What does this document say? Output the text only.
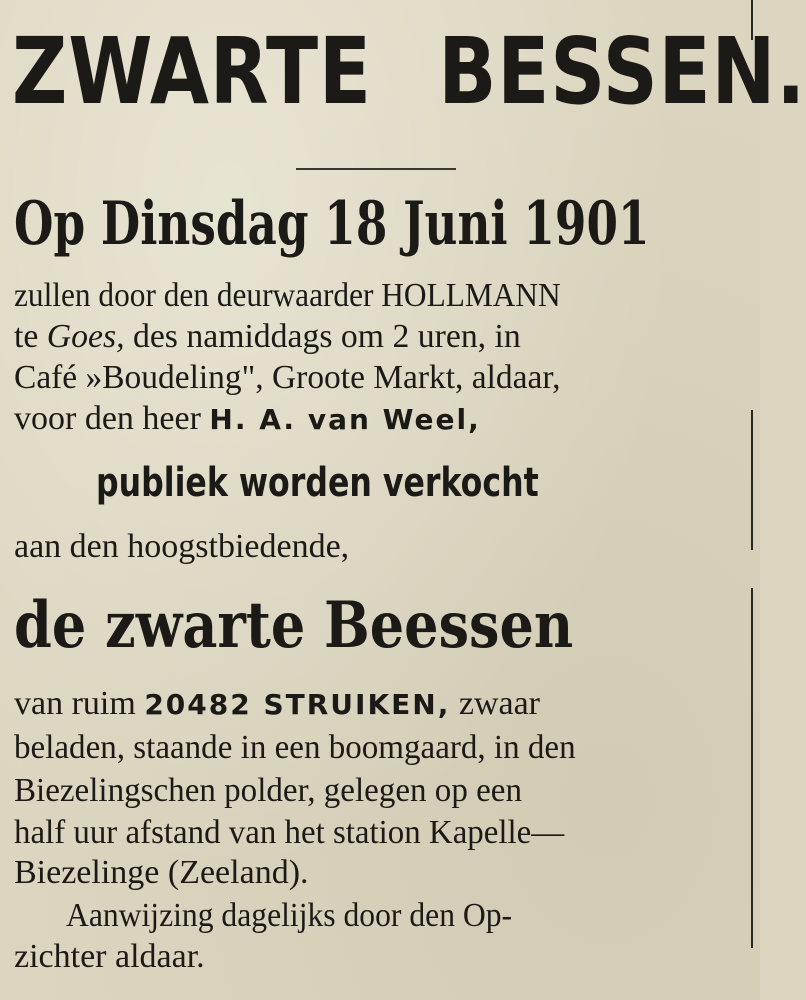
ZWARTE BESSEN.
Op Dinsdag 18 Juni 1901
zullen door den deurwaarder HOLLMANN
te Goes, des namiddags om 2 uren, in
Café »Boudeling", Groote Markt, aldaar,
voor den heer H. A. van Weel,
publiek worden verkocht
aan den hoogstbiedende,
de zwarte Beessen
van ruim 20482 STRUIKEN, zwaar
beladen, staande in een boomgaard, in den
Biezelingschen polder, gelegen op een
half uur afstand van het station Kapelle—
Biezelinge (Zeeland).
Aanwijzing dagelijks door den Op-
zichter aldaar.
